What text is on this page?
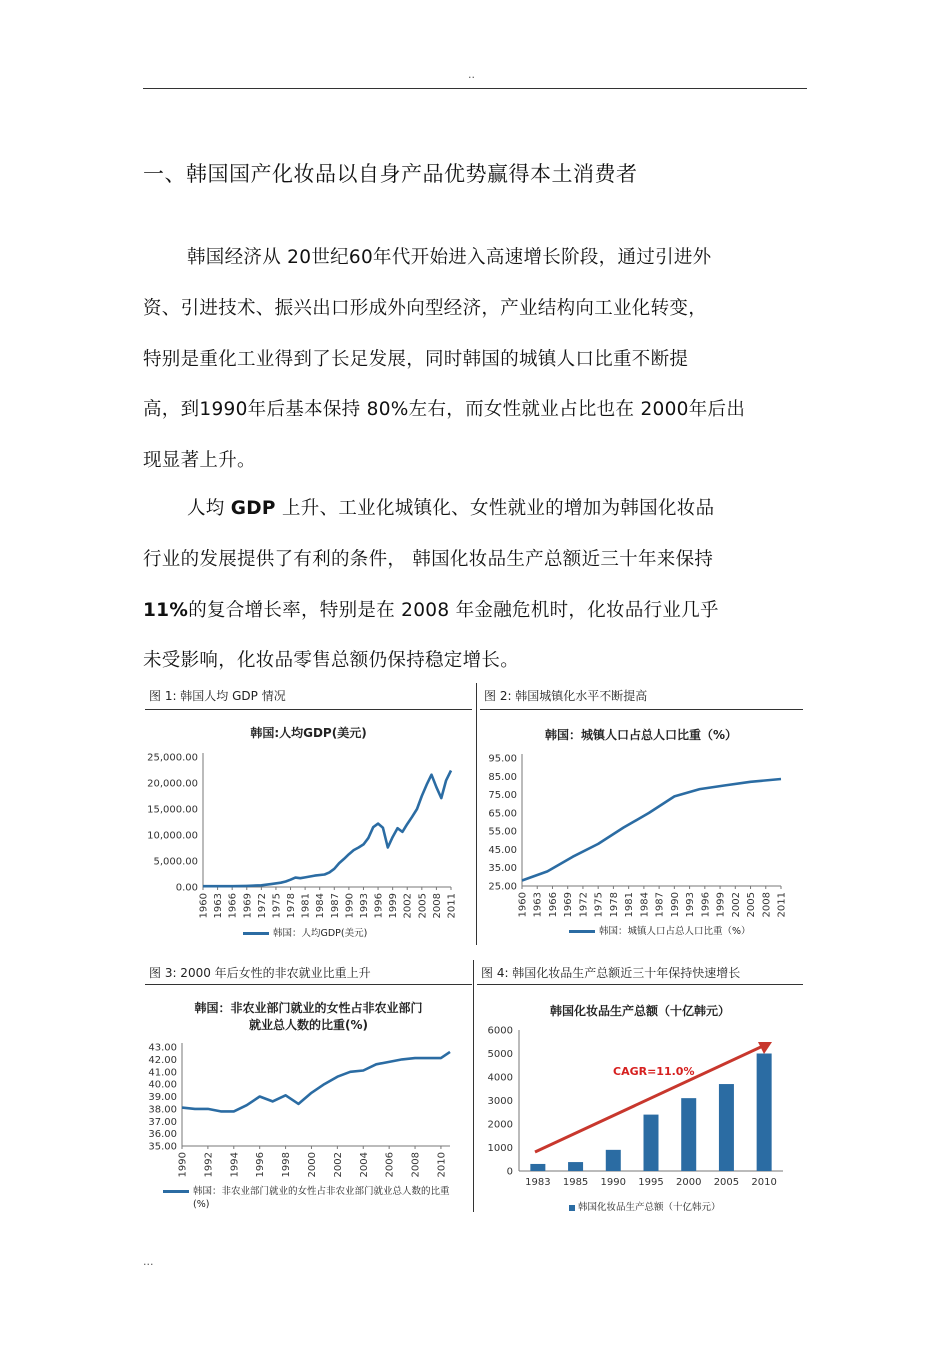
..
一、韩国国产化妆品以自身产品优势赢得本土消费者
韩国经济从 20世纪60年代开始进入高速增长阶段，通过引进外
资、引进技术、振兴出口形成外向型经济，产业结构向工业化转变，
特别是重化工业得到了长足发展，同时韩国的城镇人口比重不断提
高，到1990年后基本保持 80%左右，而女性就业占比也在 2000年后出
现显著上升。
人均 GDP 上升、工业化城镇化、女性就业的增加为韩国化妆品
行业的发展提供了有利的条件， 韩国化妆品生产总额近三十年来保持
11%的复合增长率，特别是在 2008 年金融危机时，化妆品行业几乎
未受影响，化妆品零售总额仍保持稳定增长。
图 1: 韩国人均 GDP 情况	图 2: 韩国城镇化水平不断提高
图 3: 2000 年后女性的非农就业比重上升	图 4: 韩国化妆品生产总额近三十年保持快速增长
韩国:人均GDP(美元)
0.00
5,000.00
10,000.00
15,000.00
20,000.00
25,000.00
1960 1963 1966 1969 1972 1975 1978 1981 1984 1987 1990 1993 1996 1999 2002 2005 2008 2011
韩国：人均GDP(美元)
韩国：城镇人口占总人口比重（%）
25.00
35.00
45.00
55.00
65.00
75.00
85.00
95.00
1960 1963 1966 1969 1972 1975 1978 1981 1984 1987 1990 1993 1996 1999 2002 2005 2008 2011
韩国：城镇人口占总人口比重（%）
韩国：非农业部门就业的女性占非农业部门
就业总人数的比重(%)
35.00
36.00
37.00
38.00
39.00
40.00
41.00
42.00
43.00
1990 1992 1994 1996 1998 2000 2002 2004 2006 2008 2010
韩国：非农业部门就业的女性占非农业部门就业总人数的比重
(%)
韩国化妆品生产总额（十亿韩元）
0
1000
2000
3000
4000
5000
6000
1983 1985 1990 1995 2000 2005 2010
CAGR=11.0%
韩国化妆品生产总额（十亿韩元）
...
